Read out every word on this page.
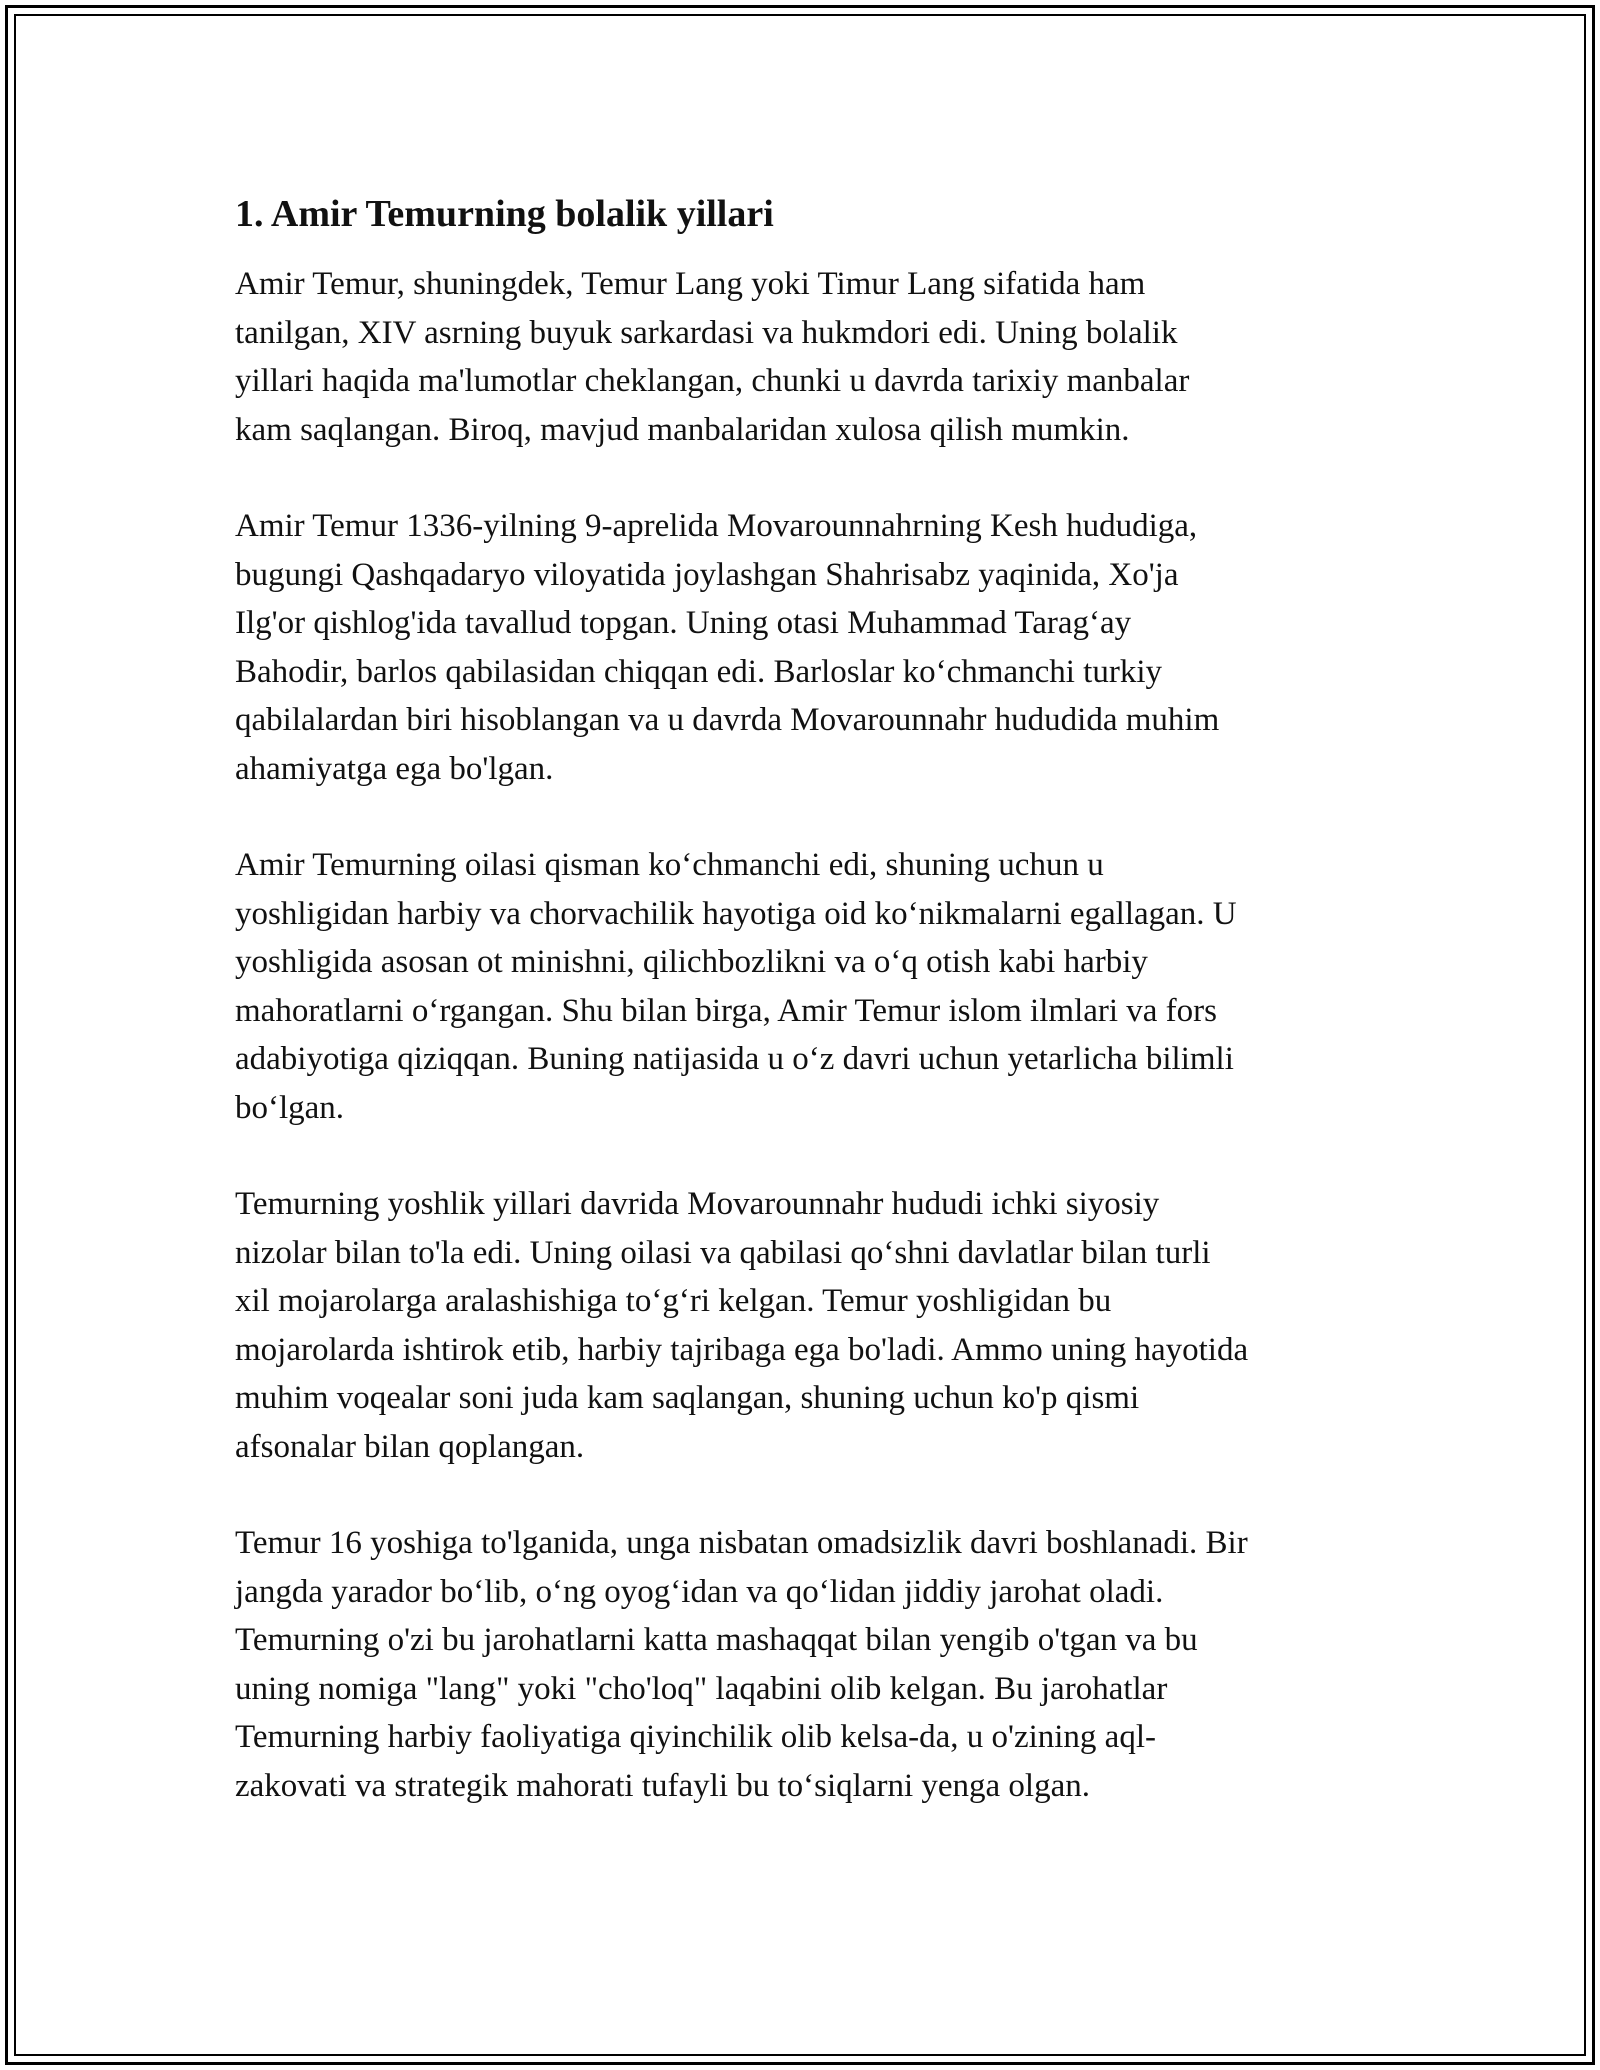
1. Amir Temurning bolalik yillari
Amir Temur, shuningdek, Temur Lang yoki Timur Lang sifatida ham
tanilgan, XIV asrning buyuk sarkardasi va hukmdori edi. Uning bolalik
yillari haqida ma'lumotlar cheklangan, chunki u davrda tarixiy manbalar
kam saqlangan. Biroq, mavjud manbalaridan xulosa qilish mumkin.
Amir Temur 1336-yilning 9-aprelida Movarounnahrning Kesh hududiga,
bugungi Qashqadaryo viloyatida joylashgan Shahrisabz yaqinida, Xo'ja
Ilg'or qishlog'ida tavallud topgan. Uning otasi Muhammad Tarag‘ay
Bahodir, barlos qabilasidan chiqqan edi. Barloslar ko‘chmanchi turkiy
qabilalardan biri hisoblangan va u davrda Movarounnahr hududida muhim
ahamiyatga ega bo'lgan.
Amir Temurning oilasi qisman ko‘chmanchi edi, shuning uchun u
yoshligidan harbiy va chorvachilik hayotiga oid ko‘nikmalarni egallagan. U
yoshligida asosan ot minishni, qilichbozlikni va o‘q otish kabi harbiy
mahoratlarni o‘rgangan. Shu bilan birga, Amir Temur islom ilmlari va fors
adabiyotiga qiziqqan. Buning natijasida u o‘z davri uchun yetarlicha bilimli
bo‘lgan.
Temurning yoshlik yillari davrida Movarounnahr hududi ichki siyosiy
nizolar bilan to'la edi. Uning oilasi va qabilasi qo‘shni davlatlar bilan turli
xil mojarolarga aralashishiga to‘g‘ri kelgan. Temur yoshligidan bu
mojarolarda ishtirok etib, harbiy tajribaga ega bo'ladi. Ammo uning hayotida
muhim voqealar soni juda kam saqlangan, shuning uchun ko'p qismi
afsonalar bilan qoplangan.
Temur 16 yoshiga to'lganida, unga nisbatan omadsizlik davri boshlanadi. Bir
jangda yarador bo‘lib, o‘ng oyog‘idan va qo‘lidan jiddiy jarohat oladi.
Temurning o'zi bu jarohatlarni katta mashaqqat bilan yengib o'tgan va bu
uning nomiga "lang" yoki "cho'loq" laqabini olib kelgan. Bu jarohatlar
Temurning harbiy faoliyatiga qiyinchilik olib kelsa-da, u o'zining aql-
zakovati va strategik mahorati tufayli bu to‘siqlarni yenga olgan.
